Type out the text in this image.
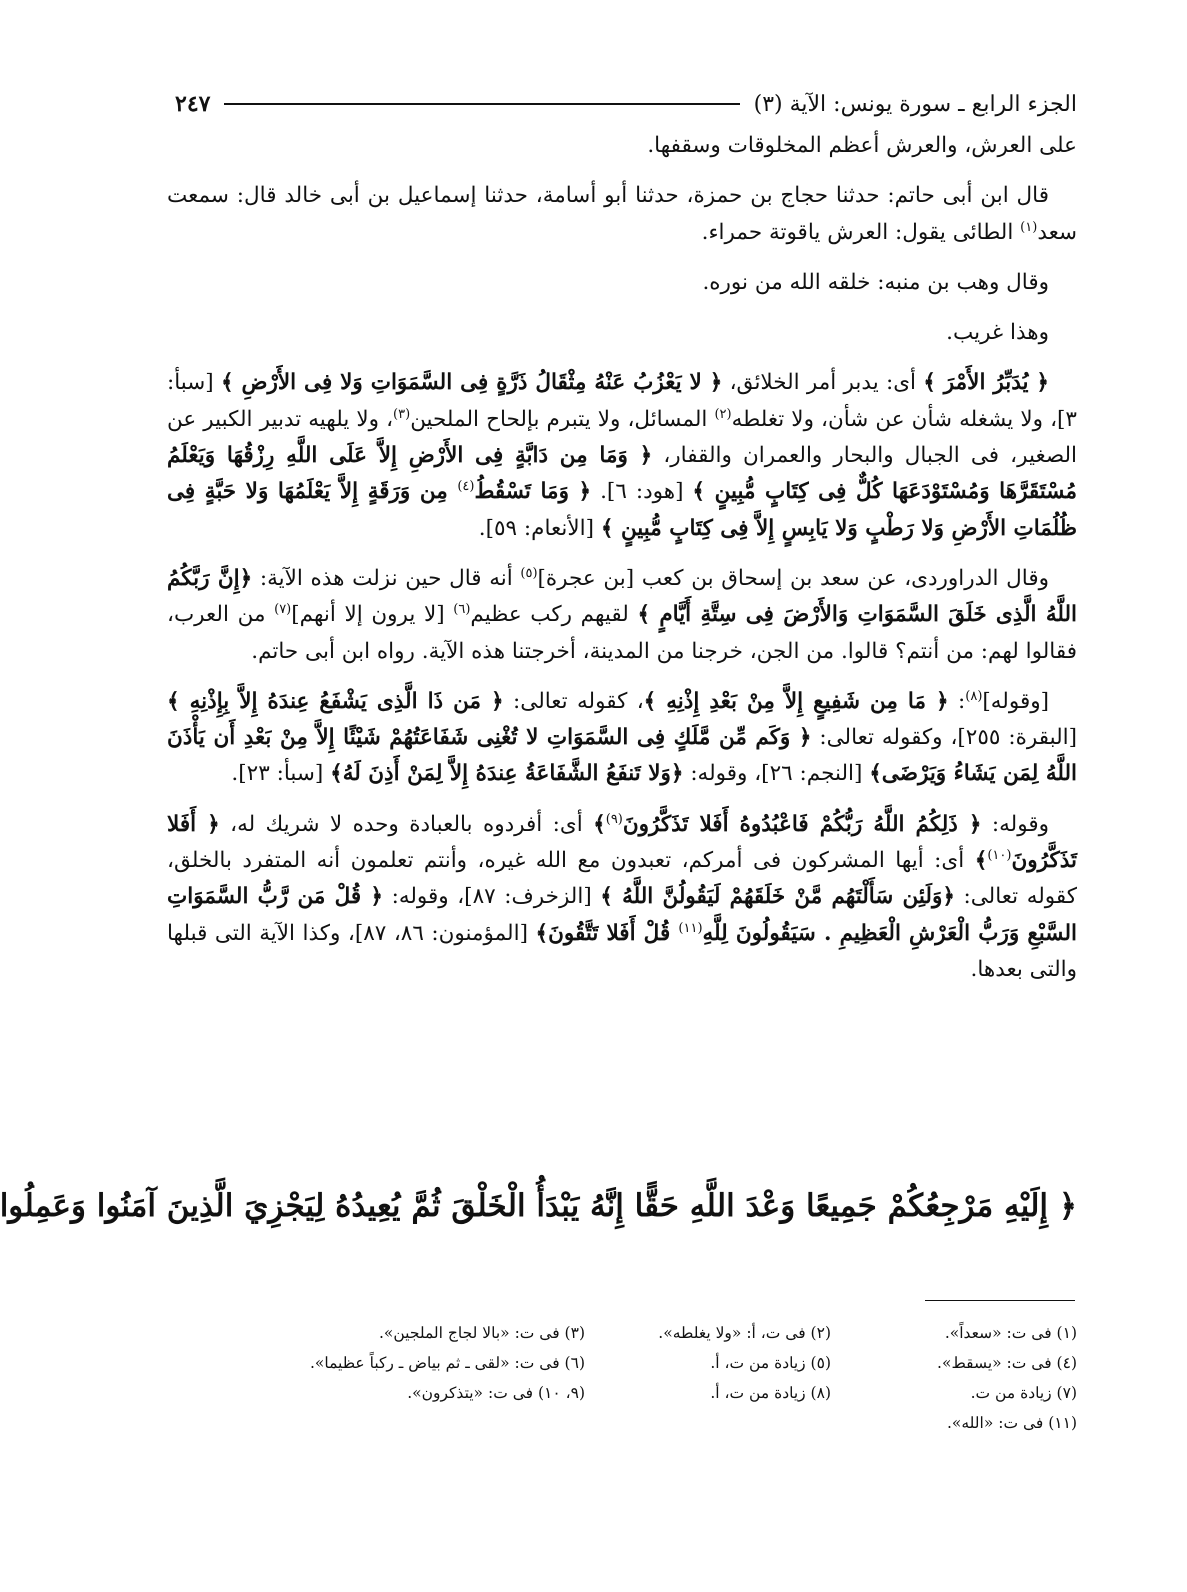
الجزء الرابع ـ سورة يونس: الآية (٣)
٢٤٧

على العرش، والعرش أعظم المخلوقات وسقفها.

قال ابن أبى حاتم: حدثنا حجاج بن حمزة، حدثنا أبو أسامة، حدثنا إسماعيل بن أبى خالد قال: سمعت سعد$^{(١)}$ الطائى يقول: العرش ياقوتة حمراء.

وقال وهب بن منبه: خلقه الله من نوره.

وهذا غريب.

﴿ يُدَبِّرُ الأَمْرَ ﴾ أى: يدبر أمر الخلائق، ﴿ لا يَعْزُبُ عَنْهُ مِثْقَالُ ذَرَّةٍ فِى السَّمَوَاتِ وَلا فِى الأَرْضِ ﴾ [سبأ: ٣]، ولا يشغله شأن عن شأن، ولا تغلطه$^{(٢)}$ المسائل، ولا يتبرم بإلحاح الملحين$^{(٣)}$، ولا يلهيه تدبير الكبير عن الصغير، فى الجبال والبحار والعمران والقفار، ﴿ وَمَا مِن دَابَّةٍ فِى الأَرْضِ إِلاَّ عَلَى اللَّهِ رِزْقُهَا وَيَعْلَمُ مُسْتَقَرَّهَا وَمُسْتَوْدَعَهَا كُلٌّ فِى كِتَابٍ مُّبِينٍ ﴾ [هود: ٦]. ﴿ وَمَا تَسْقُطُ$^{(٤)}$ مِن وَرَقَةٍ إِلاَّ يَعْلَمُهَا وَلا حَبَّةٍ فِى ظُلُمَاتِ الأَرْضِ وَلا رَطْبٍ وَلا يَابِسٍ إِلاَّ فِى كِتَابٍ مُّبِينٍ ﴾ [الأنعام: ٥٩].

وقال الدراوردى، عن سعد بن إسحاق بن كعب [بن عجرة]$^{(٥)}$ أنه قال حين نزلت هذه الآية: ﴿إِنَّ رَبَّكُمُ اللَّهُ الَّذِى خَلَقَ السَّمَوَاتِ وَالأَرْضَ فِى سِتَّةِ أَيَّامٍ ﴾ لقيهم ركب عظيم$^{(٦)}$ [لا يرون إلا أنهم]$^{(٧)}$ من العرب، فقالوا لهم: من أنتم؟ قالوا. من الجن، خرجنا من المدينة، أخرجتنا هذه الآية. رواه ابن أبى حاتم.

[وقوله]$^{(٨)}$: ﴿ مَا مِن شَفِيعٍ إِلاَّ مِنْ بَعْدِ إِذْنِهِ ﴾، كقوله تعالى: ﴿ مَن ذَا الَّذِى يَشْفَعُ عِندَهُ إِلاَّ بِإِذْنِهِ ﴾ [البقرة: ٢٥٥]، وكقوله تعالى: ﴿ وَكَم مِّن مَّلَكٍ فِى السَّمَوَاتِ لا تُغْنِى شَفَاعَتُهُمْ شَيْئًا إِلاَّ مِنْ بَعْدِ أَن يَأْذَنَ اللَّهُ لِمَن يَشَاءُ وَيَرْضَى﴾ [النجم: ٢٦]، وقوله: ﴿وَلا تَنفَعُ الشَّفَاعَةُ عِندَهُ إِلاَّ لِمَنْ أَذِنَ لَهُ﴾ [سبأ: ٢٣].

وقوله: ﴿ ذَلِكُمُ اللَّهُ رَبُّكُمْ فَاعْبُدُوهُ أَفَلا تَذَكَّرُونَ$^{(٩)}$﴾ أى: أفردوه بالعبادة وحده لا شريك له، ﴿ أَفَلا تَذَكَّرُونَ$^{(١٠)}$﴾ أى: أيها المشركون فى أمركم، تعبدون مع الله غيره، وأنتم تعلمون أنه المتفرد بالخلق، كقوله تعالى: ﴿وَلَئِن سَأَلْتَهُم مَّنْ خَلَقَهُمْ لَيَقُولُنَّ اللَّهُ ﴾ [الزخرف: ٨٧]، وقوله: ﴿ قُلْ مَن رَّبُّ السَّمَوَاتِ السَّبْعِ وَرَبُّ الْعَرْشِ الْعَظِيمِ . سَيَقُولُونَ لِلَّهِ$^{(١١)}$ قُلْ أَفَلا تَتَّقُونَ﴾ [المؤمنون: ٨٦، ٨٧]، وكذا الآية التى قبلها والتى بعدها.

﴿ إِلَيْهِ مَرْجِعُكُمْ جَمِيعًا وَعْدَ اللَّهِ حَقًّا إِنَّهُ يَبْدَأُ الْخَلْقَ ثُمَّ يُعِيدُهُ لِيَجْزِيَ الَّذِينَ آمَنُوا وَعَمِلُوا
(١) فى ت: «سعداً».
(٢) فى ت، أ: «ولا يغلطه».
(٣) فى ت: «بالا لجاج الملجين».
(٤) فى ت: «يسقط».
(٥) زيادة من ت، أ.
(٦) فى ت: «لقى ـ ثم بياض ـ ركباً عظيما».
(٧) زيادة من ت.
(٨) زيادة من ت، أ.
(٩، ١٠) فى ت: «يتذكرون».
(١١) فى ت: «الله».
